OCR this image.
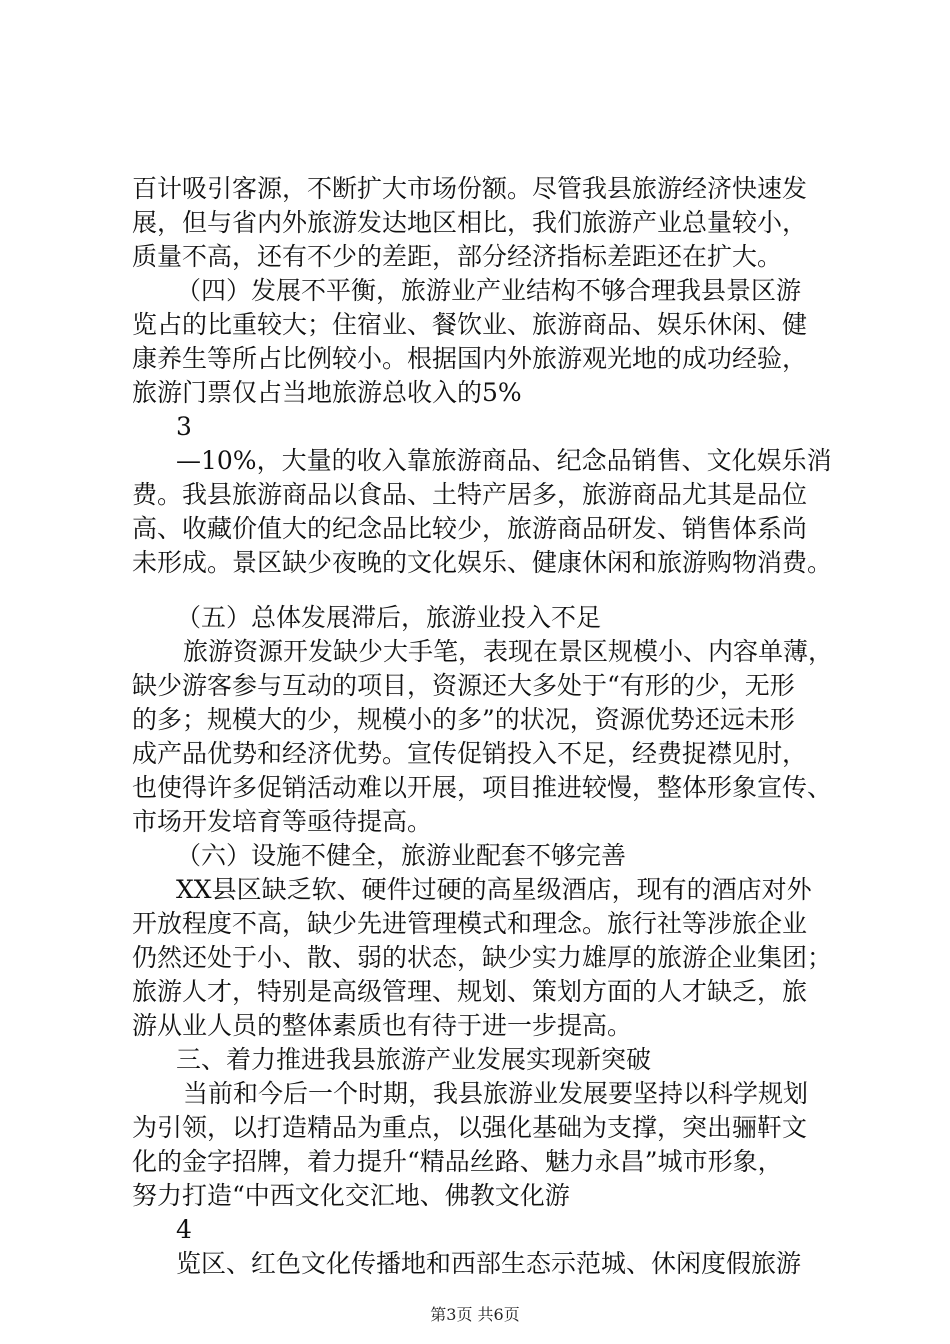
百计吸引客源，不断扩大市场份额。尽管我县旅游经济快速发

展，但与省内外旅游发达地区相比，我们旅游产业总量较小，

质量不高，还有不少的差距，部分经济指标差距还在扩大。

（四）发展不平衡，旅游业产业结构不够合理我县景区游

览占的比重较大；住宿业、餐饮业、旅游商品、娱乐休闲、健

康养生等所占比例较小。根据国内外旅游观光地的成功经验，

旅游门票仅占当地旅游总收入的5%

3

—10%，大量的收入靠旅游商品、纪念品销售、文化娱乐消

费。我县旅游商品以食品、土特产居多，旅游商品尤其是品位

高、收藏价值大的纪念品比较少，旅游商品研发、销售体系尚

未形成。景区缺少夜晚的文化娱乐、健康休闲和旅游购物消费。

（五）总体发展滞后，旅游业投入不足

旅游资源开发缺少大手笔，表现在景区规模小、内容单薄，

缺少游客参与互动的项目，资源还大多处于“有形的少，无形

的多；规模大的少，规模小的多”的状况，资源优势还远未形

成产品优势和经济优势。宣传促销投入不足，经费捉襟见肘，

也使得许多促销活动难以开展，项目推进较慢，整体形象宣传、

市场开发培育等亟待提高。

（六）设施不健全，旅游业配套不够完善

XX县区缺乏软、硬件过硬的高星级酒店，现有的酒店对外

开放程度不高，缺少先进管理模式和理念。旅行社等涉旅企业

仍然还处于小、散、弱的状态，缺少实力雄厚的旅游企业集团；

旅游人才，特别是高级管理、规划、策划方面的人才缺乏，旅

游从业人员的整体素质也有待于进一步提高。

三、着力推进我县旅游产业发展实现新突破

当前和今后一个时期，我县旅游业发展要坚持以科学规划

为引领，以打造精品为重点，以强化基础为支撑，突出骊靬文

化的金字招牌，着力提升“精品丝路、魅力永昌”城市形象，

努力打造“中西文化交汇地、佛教文化游

4

览区、红色文化传播地和西部生态示范城、休闲度假旅游

第3页 共6页
